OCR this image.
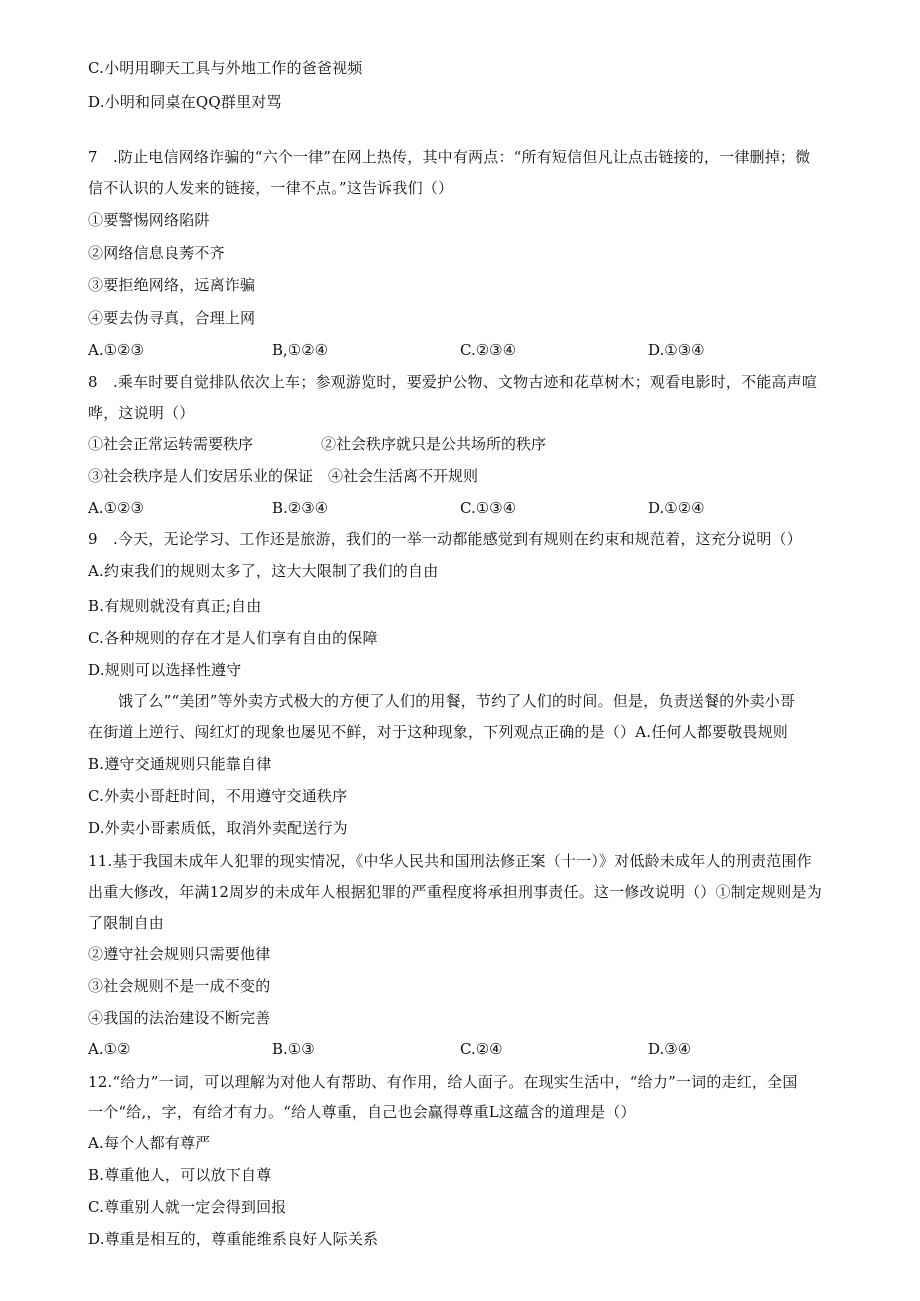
C.小明用聊天工具与外地工作的爸爸视频
D.小明和同桌在QQ群里对骂
7　.防止电信网络诈骗的“六个一律”在网上热传，其中有两点：“所有短信但凡让点击链接的，一律删掉；微
信不认识的人发来的链接，一律不点。”这告诉我们（）
①要警惕网络陷阱
②网络信息良莠不齐
③要拒绝网络，远离诈骗
④要去伪寻真，合理上网
A.①②③	B,①②④	C.②③④	D.①③④
8　.乘车时要自觉排队依次上车；参观游览时，要爱护公物、文物古迹和花草树木；观看电影时，不能高声喧
哗，这说明（）
①社会正常运转需要秩序	②社会秩序就只是公共场所的秩序
③社会秩序是人们安居乐业的保证 ④社会生活离不开规则
A.①②③	B.②③④	C.①③④	D.①②④
9　.今天，无论学习、工作还是旅游，我们的一举一动都能感觉到有规则在约束和规范着，这充分说明（）
A.约束我们的规则太多了，这大大限制了我们的自由
B.有规则就没有真正;自由
C.各种规则的存在才是人们享有自由的保障
D.规则可以选择性遵守
饿了么”“美团”等外卖方式极大的方便了人们的用餐，节约了人们的时间。但是，负责送餐的外卖小哥
在街道上逆行、闯红灯的现象也屡见不鲜，对于这种现象，下列观点正确的是（）A.任何人都要敬畏规则
B.遵守交通规则只能靠自律
C.外卖小哥赶时间，不用遵守交通秩序
D.外卖小哥素质低，取消外卖配送行为
11.基于我国未成年人犯罪的现实情况，《中华人民共和国刑法修正案（十一）》对低龄未成年人的刑责范围作
出重大修改，年满12周岁的未成年人根据犯罪的严重程度将承担刑事责任。这一修改说明（）①制定规则是为
了限制自由
②遵守社会规则只需要他律
③社会规则不是一成不变的
④我国的法治建设不断完善
A.①②	B.①③	C.②④	D.③④
12.“给力”一词，可以理解为对他人有帮助、有作用，给人面子。在现实生活中，“给力”一词的走红，全国
一个“给,，字，有给才有力。“给人尊重，自己也会赢得尊重L这蕴含的道理是（）
A.每个人都有尊严
B.尊重他人，可以放下自尊
C.尊重别人就一定会得到回报
D.尊重是相互的，尊重能维系良好人际关系
